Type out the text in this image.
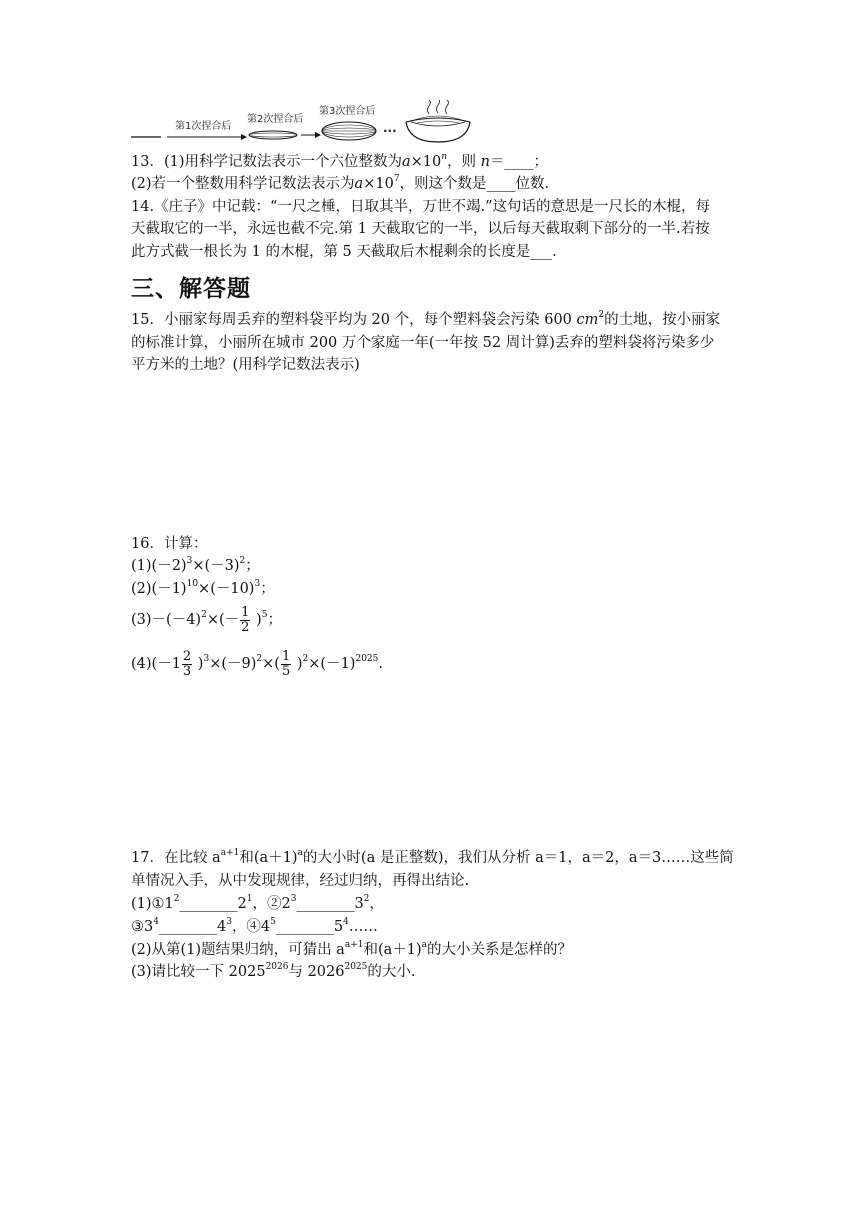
第1次捏合后
第2次捏合后
第3次捏合后
···
13．(1)用科学记数法表示一个六位整数为$a\times 10^n$，则 n＝____；
(2)若一个整数用科学记数法表示为$a\times 10^7$，则这个数是____位数.
14.《庄子》中记载：“一尺之棰，日取其半，万世不竭.”这句话的意思是一尺长的木棍，每
天截取它的一半，永远也截不完.第 1 天截取它的一半，以后每天截取剩下部分的一半.若按
此方式截一根长为 1 的木棍，第 5 天截取后木棍剩余的长度是___.
三、解答题
15．小丽家每周丢弃的塑料袋平均为 20 个，每个塑料袋会污染 600 $cm^2$的土地，按小丽家
的标准计算，小丽所在城市 200 万个家庭一年(一年按 52 周计算)丢弃的塑料袋将污染多少
平方米的土地？(用科学记数法表示)
16．计算：
$(1)(-2)^3\times(-3)^2$；
$(2)(-1)^{10}\times(-10)^3$；
$(3)-(-4)^2\times(- \frac{1}{2} )^5$；
$(4)(-1 \frac{2}{3} )^3\times(-9)^2\times( \frac{1}{5} )^2\times(-1)^{2025}$.
17．在比较 $a^{a+1}$和$(a+1)^a$的大小时(a 是正整数)，我们从分析 a＝1，a＝2，a＝3……这些简
单情况入手，从中发现规律，经过归纳，再得出结论.
$(1)①1^2\_\_\_\_\_\_\_\_2^1$，$②2^3\_\_\_\_\_\_\_\_3^2$，
$③3^4\_\_\_\_\_\_\_\_4^3$，$④4^5\_\_\_\_\_\_\_\_5^4\dots\dots$
(2)从第(1)题结果归纳，可猜出 $a^{a+1}$和$(a+1)^a$的大小关系是怎样的？
(3)请比较一下 $2025^{2026}$与 $2026^{2025}$的大小.
